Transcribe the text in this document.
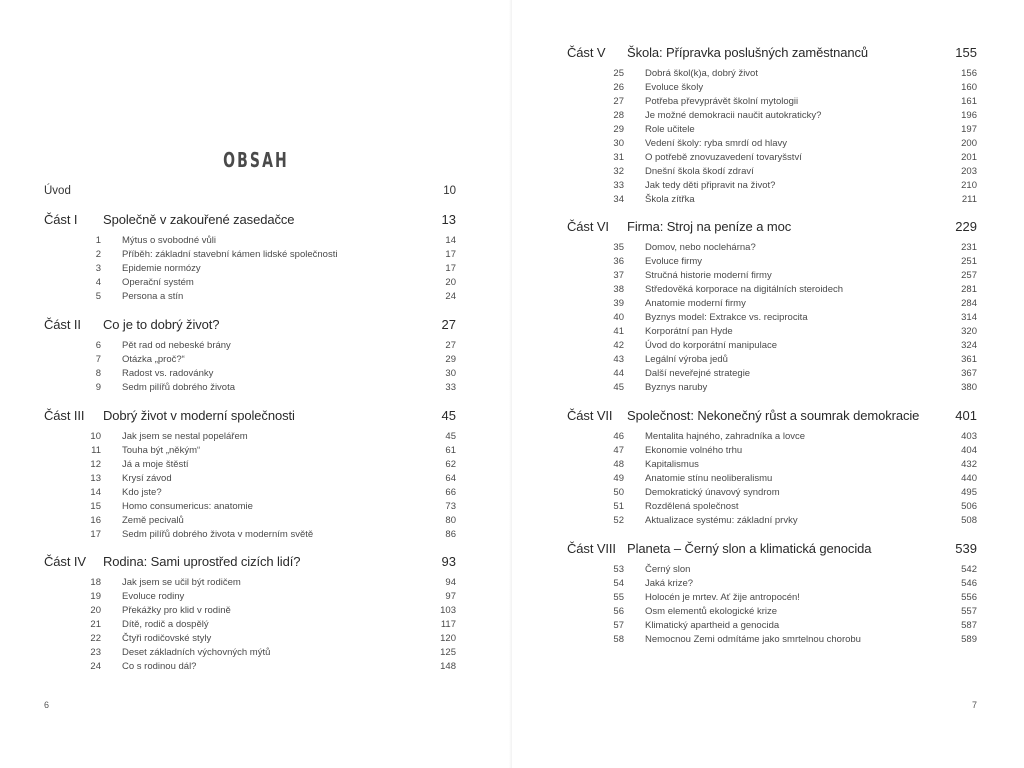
OBSAH
Úvod	10
Část I Společně v zakouřené zasedačce	13
1 Mýtus o svobodné vůli	14
2 Příběh: základní stavební kámen lidské společnosti	17
3 Epidemie normózy	17
4 Operační systém	20
5 Persona a stín	24
Část II Co je to dobrý život?	27
6 Pět rad od nebeské brány	27
7 Otázka „proč?“	29
8 Radost vs. radovánky	30
9 Sedm pilířů dobrého života	33
Část III Dobrý život v moderní společnosti	45
10 Jak jsem se nestal popelářem	45
11 Touha být „někým“	61
12 Já a moje štěstí	62
13 Krysí závod	64
14 Kdo jste?	66
15 Homo consumericus: anatomie	73
16 Země pecivalů	80
17 Sedm pilířů dobrého života v moderním světě	86
Část IV Rodina: Sami uprostřed cizích lidí?	93
18 Jak jsem se učil být rodičem	94
19 Evoluce rodiny	97
20 Překážky pro klid v rodině	103
21 Dítě, rodič a dospělý	117
22 Čtyři rodičovské styly	120
23 Deset základních výchovných mýtů	125
24 Co s rodinou dál?	148
6
Část V Škola: Přípravka poslušných zaměstnanců	155
25 Dobrá škol(k)a, dobrý život	156
26 Evoluce školy	160
27 Potřeba převyprávět školní mytologii	161
28 Je možné demokracii naučit autokraticky?	196
29 Role učitele	197
30 Vedení školy: ryba smrdí od hlavy	200
31 O potřebě znovuzavedení tovaryšství	201
32 Dnešní škola škodí zdraví	203
33 Jak tedy děti připravit na život?	210
34 Škola zítřka	211
Část VI Firma: Stroj na peníze a moc	229
35 Domov, nebo noclehárna?	231
36 Evoluce firmy	251
37 Stručná historie moderní firmy	257
38 Středověká korporace na digitálních steroidech	281
39 Anatomie moderní firmy	284
40 Byznys model: Extrakce vs. reciprocita	314
41 Korporátní pan Hyde	320
42 Úvod do korporátní manipulace	324
43 Legální výroba jedů	361
44 Další neveřejné strategie	367
45 Byznys naruby	380
Část VII Společnost: Nekonečný růst a soumrak demokracie	401
46 Mentalita hajného, zahradníka a lovce	403
47 Ekonomie volného trhu	404
48 Kapitalismus	432
49 Anatomie stínu neoliberalismu	440
50 Demokratický únavový syndrom	495
51 Rozdělená společnost	506
52 Aktualizace systému: základní prvky	508
Část VIII Planeta – Černý slon a klimatická genocida	539
53 Černý slon	542
54 Jaká krize?	546
55 Holocén je mrtev. Ať žije antropocén!	556
56 Osm elementů ekologické krize	557
57 Klimatický apartheid a genocida	587
58 Nemocnou Zemi odmítáme jako smrtelnou chorobu	589
7
